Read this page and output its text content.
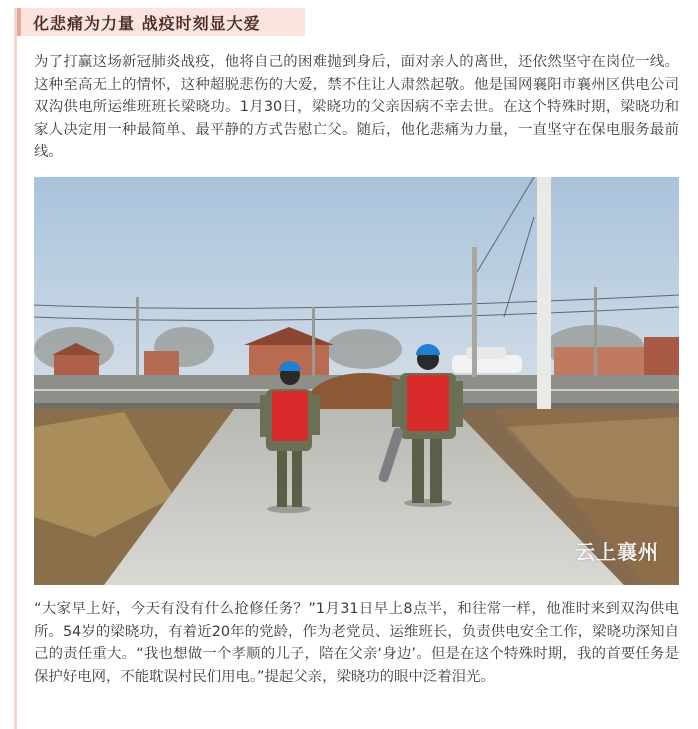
化悲痛为力量 战疫时刻显大爱

为了打赢这场新冠肺炎战疫，他将自己的困难抛到身后，面对亲人的离世，还依然坚守在岗位一线。这种至高无上的情怀，这种超脱悲伤的大爱，禁不住让人肃然起敬。他是国网襄阳市襄州区供电公司双沟供电所运维班班长梁晓功。1月30日，梁晓功的父亲因病不幸去世。在这个特殊时期，梁晓功和家人决定用一种最简单、最平静的方式告慰亡父。随后，他化悲痛为力量，一直坚守在保电服务最前线。

云上襄州

“大家早上好，今天有没有什么抢修任务？”1月31日早上8点半，和往常一样，他准时来到双沟供电所。54岁的梁晓功，有着近20年的党龄，作为老党员、运维班长，负责供电安全工作，梁晓功深知自己的责任重大。“我也想做一个孝顺的儿子，陪在父亲‘身边’。但是在这个特殊时期，我的首要任务是保护好电网，不能耽误村民们用电。”提起父亲，梁晓功的眼中泛着泪光。
